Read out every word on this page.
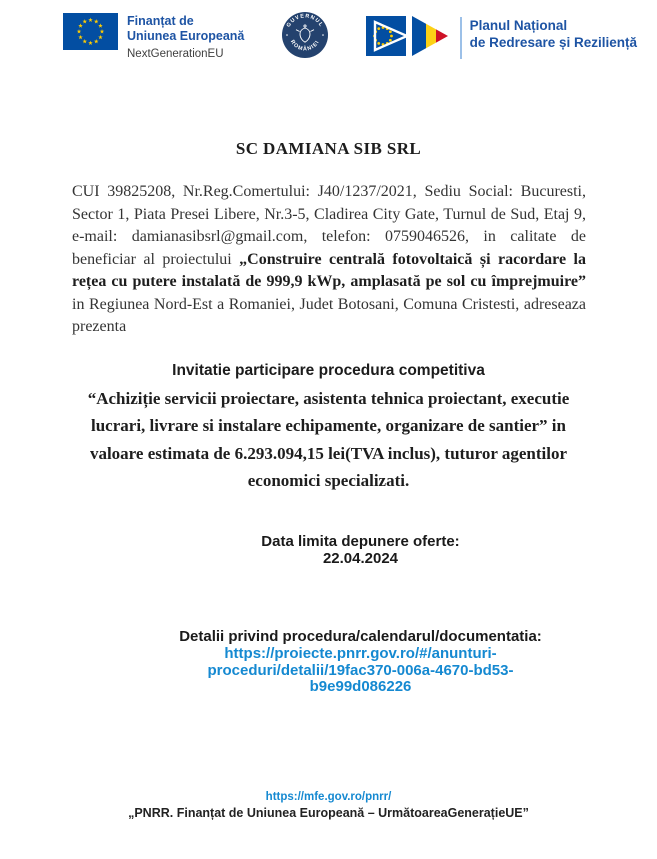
Finanțat de
Uniunea Europeană
NextGenerationEU
GUVERNUL
ROMÂNIEI
Planul Național
de Redresare și Reziliență
SC DAMIANA SIB SRL

CUI 39825208, Nr.Reg.Comertului: J40/1237/2021, Sediu Social: Bucuresti, Sector 1, Piata Presei Libere, Nr.3-5, Cladirea City Gate, Turnul de Sud, Etaj 9, e-mail: damianasibsrl@gmail.com, telefon: 0759046526, in calitate de beneficiar al proiectului „Construire centrală fotovoltaică și racordare la rețea cu putere instalată de 999,9 kWp, amplasată pe sol cu împrejmuire” in Regiunea Nord-Est a Romaniei, Judet Botosani, Comuna Cristesti, adreseaza prezenta

Invitatie participare procedura competitiva

“Achiziție servicii proiectare, asistenta tehnica proiectant, executie lucrari, livrare si instalare echipamente, organizare de santier” in valoare estimata de 6.293.094,15 lei(TVA inclus), tuturor agentilor economici specializati.

Data limita depunere oferte:
22.04.2024
Detalii privind procedura/calendarul/documentatia:
https://proiecte.pnrr.gov.ro/#/anunturi-
proceduri/detalii/19fac370-006a-4670-bd53-
b9e99d086226
https://mfe.gov.ro/pnrr/
„PNRR. Finanțat de Uniunea Europeană – UrmătoareaGenerațieUE”
